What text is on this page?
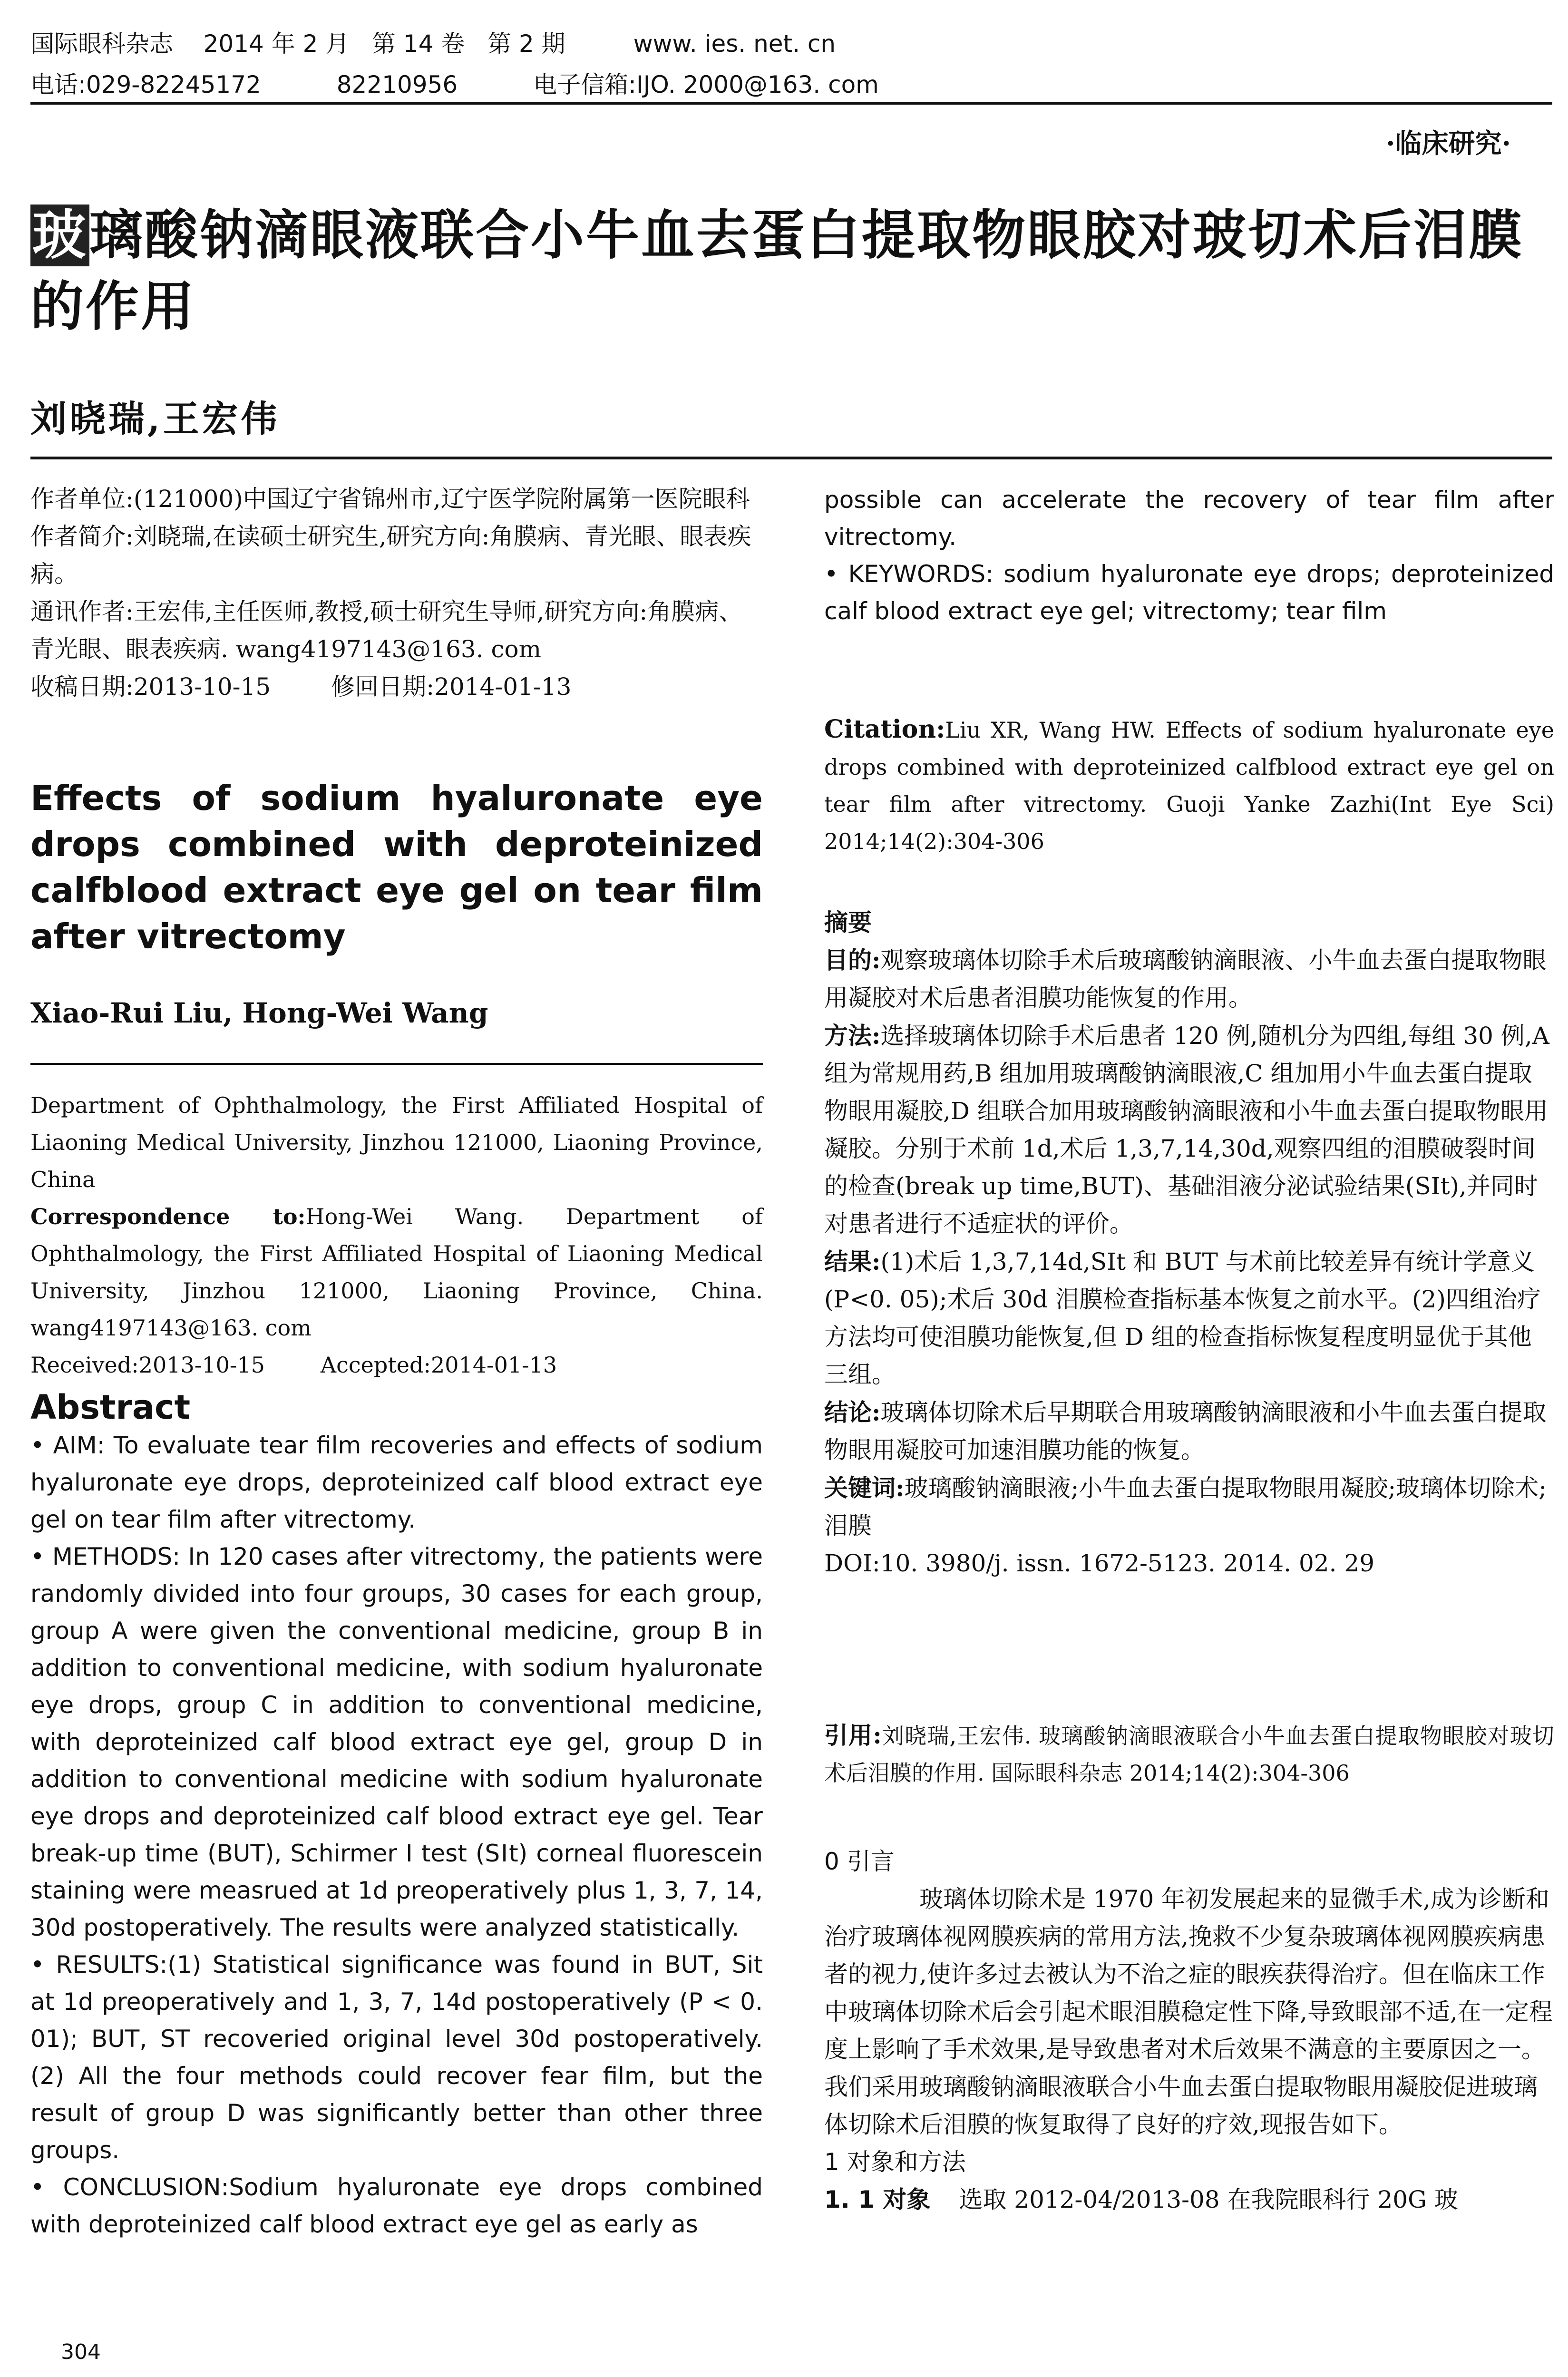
国际眼科杂志    2014 年 2 月   第 14 卷   第 2 期         www. ies. net. cn
电话:029-82245172          82210956          电子信箱:IJO. 2000@163. com
·临床研究·
玻璃酸钠滴眼液联合小牛血去蛋白提取物眼胶对玻切术后泪膜的作用
刘晓瑞,王宏伟

作者单位:(121000)中国辽宁省锦州市,辽宁医学院附属第一医院眼科

作者简介:刘晓瑞,在读硕士研究生,研究方向:角膜病、青光眼、眼表疾病。

通讯作者:王宏伟,主任医师,教授,硕士研究生导师,研究方向:角膜病、青光眼、眼表疾病. wang4197143@163. com

收稿日期:2013-10-15        修回日期:2014-01-13

Effects of sodium hyaluronate eye drops combined with deproteinized calfblood extract eye gel on tear film after vitrectomy

Xiao-Rui Liu, Hong-Wei Wang

Department of Ophthalmology, the First Affiliated Hospital of Liaoning Medical University, Jinzhou 121000, Liaoning Province, China

Correspondence to:Hong-Wei Wang. Department of Ophthalmology, the First Affiliated Hospital of Liaoning Medical University, Jinzhou 121000, Liaoning Province, China. wang4197143@163. com

Received:2013-10-15        Accepted:2014-01-13

Abstract

• AIM: To evaluate tear film recoveries and effects of sodium hyaluronate eye drops, deproteinized calf blood extract eye gel on tear film after vitrectomy.

• METHODS: In 120 cases after vitrectomy, the patients were randomly divided into four groups, 30 cases for each group, group A were given the conventional medicine, group B in addition to conventional medicine, with sodium hyaluronate eye drops, group C in addition to conventional medicine, with deproteinized calf blood extract eye gel, group D in addition to conventional medicine with sodium hyaluronate eye drops and deproteinized calf blood extract eye gel. Tear break-up time (BUT), Schirmer I test (SⅠt) corneal fluorescein staining were measrued at 1d preoperatively plus 1, 3, 7, 14, 30d postoperatively. The results were analyzed statistically.

• RESULTS:(1) Statistical significance was found in BUT, Sit at 1d preoperatively and 1, 3, 7, 14d postoperatively (P < 0. 01); BUT, ST recoveried original level 30d postoperatively. (2) All the four methods could recover fear film, but the result of group D was significantly better than other three groups.

• CONCLUSION:Sodium hyaluronate eye drops combined with deproteinized calf blood extract eye gel as early as

possible can accelerate the recovery of tear film after vitrectomy.

• KEYWORDS: sodium hyaluronate eye drops; deproteinized calf blood extract eye gel; vitrectomy; tear film

Citation:Liu XR, Wang HW. Effects of sodium hyaluronate eye drops combined with deproteinized calfblood extract eye gel on tear film after vitrectomy. Guoji Yanke Zazhi(Int Eye Sci) 2014;14(2):304-306

摘要

目的:观察玻璃体切除手术后玻璃酸钠滴眼液、小牛血去蛋白提取物眼用凝胶对术后患者泪膜功能恢复的作用。

方法:选择玻璃体切除手术后患者 120 例,随机分为四组,每组 30 例,A 组为常规用药,B 组加用玻璃酸钠滴眼液,C 组加用小牛血去蛋白提取物眼用凝胶,D 组联合加用玻璃酸钠滴眼液和小牛血去蛋白提取物眼用凝胶。分别于术前 1d,术后 1,3,7,14,30d,观察四组的泪膜破裂时间的检查(break up time,BUT)、基础泪液分泌试验结果(SⅠt),并同时对患者进行不适症状的评价。

结果:(1)术后 1,3,7,14d,SⅠt 和 BUT 与术前比较差异有统计学意义(P<0. 05);术后 30d 泪膜检查指标基本恢复之前水平。(2)四组治疗方法均可使泪膜功能恢复,但 D 组的检查指标恢复程度明显优于其他三组。

结论:玻璃体切除术后早期联合用玻璃酸钠滴眼液和小牛血去蛋白提取物眼用凝胶可加速泪膜功能的恢复。

关键词:玻璃酸钠滴眼液;小牛血去蛋白提取物眼用凝胶;玻璃体切除术;泪膜

DOI:10. 3980/j. issn. 1672-5123. 2014. 02. 29

引用:刘晓瑞,王宏伟. 玻璃酸钠滴眼液联合小牛血去蛋白提取物眼胶对玻切术后泪膜的作用. 国际眼科杂志 2014;14(2):304-306

0 引言

玻璃体切除术是 1970 年初发展起来的显微手术,成为诊断和治疗玻璃体视网膜疾病的常用方法,挽救不少复杂玻璃体视网膜疾病患者的视力,使许多过去被认为不治之症的眼疾获得治疗。但在临床工作中玻璃体切除术后会引起术眼泪膜稳定性下降,导致眼部不适,在一定程度上影响了手术效果,是导致患者对术后效果不满意的主要原因之一。我们采用玻璃酸钠滴眼液联合小牛血去蛋白提取物眼用凝胶促进玻璃体切除术后泪膜的恢复取得了良好的疗效,现报告如下。

1 对象和方法

1. 1 对象 选取 2012-04/2013-08 在我院眼科行 20G 玻

304
